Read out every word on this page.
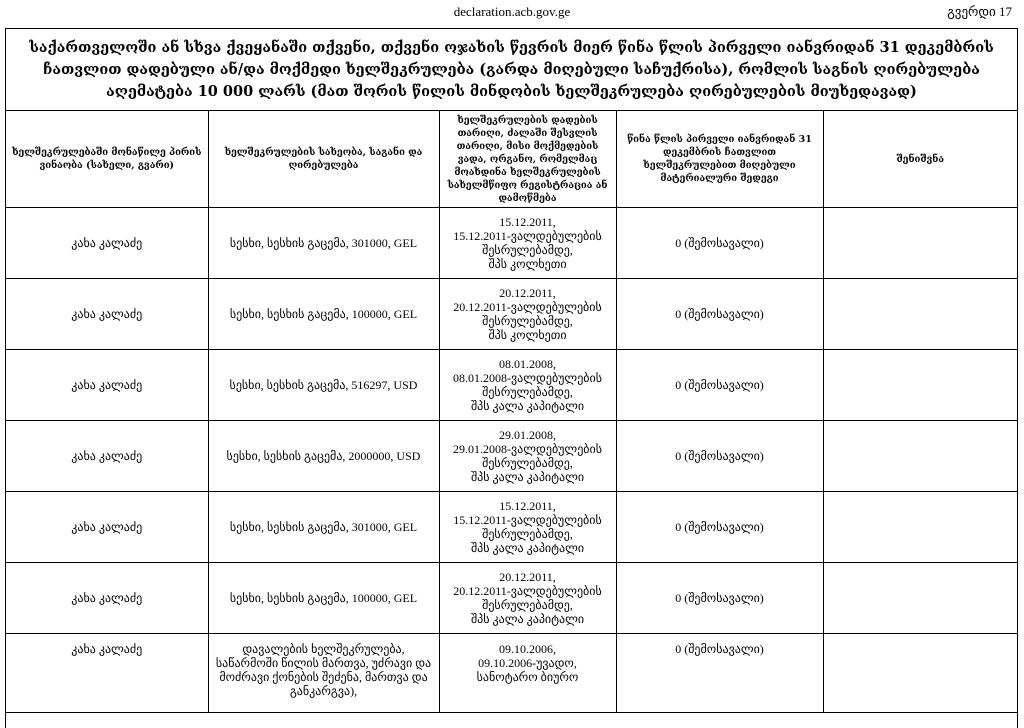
declaration.acb.gov.ge	გვერდი 17
საქართველოში ან სხვა ქვეყანაში თქვენი, თქვენი ოჯახის წევრის მიერ წინა წლის პირველი იანვრიდან 31 დეკემბრის ჩათვლით დადებული ან/და მოქმედი ხელშეკრულება (გარდა მიღებული საჩუქრისა), რომლის საგნის ღირებულება აღემატება 10 000 ლარს (მათ შორის წილის მინდობის ხელშეკრულება ღირებულების მიუხედავად)
ხელშეკრულებაში მონაწილე პირის ვინაობა (სახელი, გვარი)	ხელშეკრულების სახეობა, საგანი და ღირებულება	ხელშეკრულების დადების თარიღი, ძალაში შესვლის თარიღი, მისი მოქმედების ვადა, ორგანო, რომელმაც მოახდინა ხელშეკრულების სახელმწიფო რეგისტრაცია ან დამოწმება	წინა წლის პირველი იანვრიდან 31 დეკემბრის ჩათვლით ხელშეკრულებით მიღებული მატერიალური შედეგი	შენიშვნა
კახა კალაძე	სესხი, სესხის გაცემა, 301000, GEL	15.12.2011,
15.12.2011-ვალდებულების
შესრულებამდე,
შპს კოლხეთი	0 (შემოსავალი)	
კახა კალაძე	სესხი, სესხის გაცემა, 100000, GEL	20.12.2011,
20.12.2011-ვალდებულების
შესრულებამდე,
შპს კოლხეთი	0 (შემოსავალი)	
კახა კალაძე	სესხი, სესხის გაცემა, 516297, USD	08.01.2008,
08.01.2008-ვალდებულების
შესრულებამდე,
შპს კალა კაპიტალი	0 (შემოსავალი)	
კახა კალაძე	სესხი, სესხის გაცემა, 2000000, USD	29.01.2008,
29.01.2008-ვალდებულების
შესრულებამდე,
შპს კალა კაპიტალი	0 (შემოსავალი)	
კახა კალაძე	სესხი, სესხის გაცემა, 301000, GEL	15.12.2011,
15.12.2011-ვალდებულების
შესრულებამდე,
შპს კალა კაპიტალი	0 (შემოსავალი)	
კახა კალაძე	სესხი, სესხის გაცემა, 100000, GEL	20.12.2011,
20.12.2011-ვალდებულების
შესრულებამდე,
შპს კალა კაპიტალი	0 (შემოსავალი)	
კახა კალაძე	დავალების ხელშეკრულება, საწარმოში წილის მართვა, უძრავი და მოძრავი ქონების შეძენა, მართვა და განკარგვა),	09.10.2006,
09.10.2006-უვადო,
სანოტარო ბიურო	0 (შემოსავალი)	
